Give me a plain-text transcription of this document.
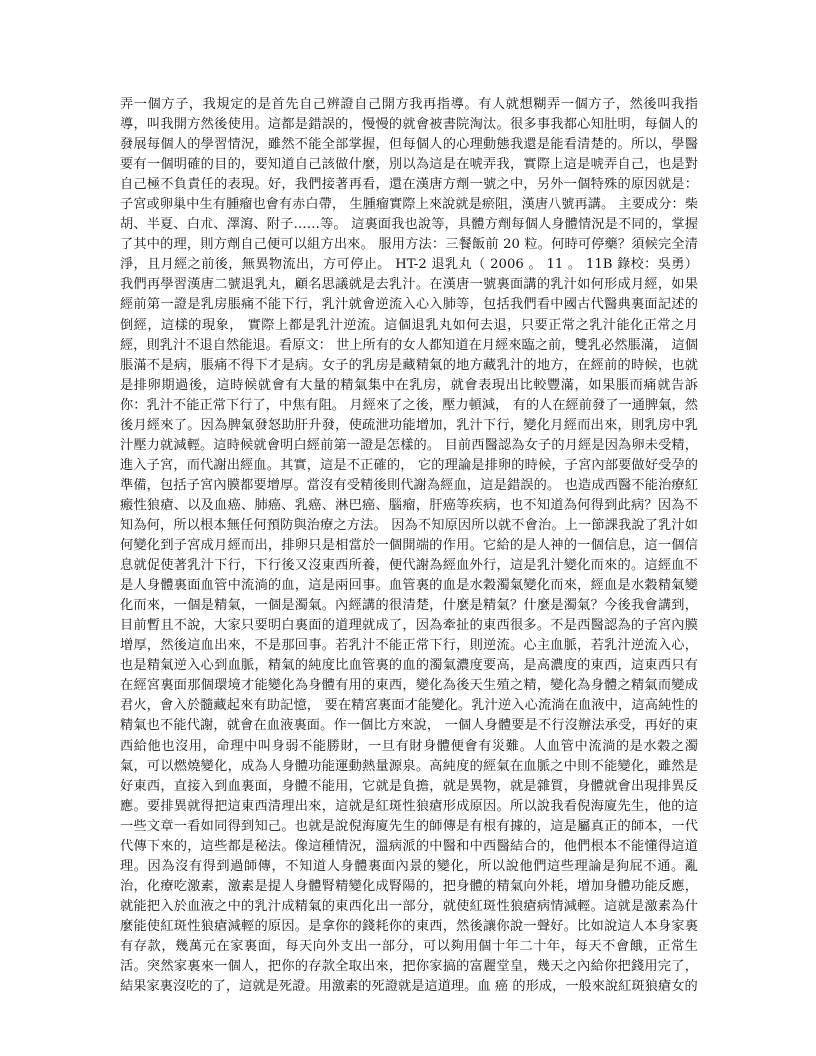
弄一個方子，我規定的是首先自己辨證自己開方我再指導。有人就想糊弄一個方子，然後叫我指導，叫我開方然後使用。這都是錯誤的，慢慢的就會被書院淘汰。很多事我都心知肚明，每個人的發展每個人的學習情況，雖然不能全部掌握，但每個人的心理動態我還是能看清楚的。所以，學醫要有一個明確的目的，要知道自己該做什麼，別以為這是在唬弄我，實際上這是唬弄自己，也是對自己極不負責任的表現。好，我們接著再看，還在漢唐方劑一號之中，另外一個特殊的原因就是： 子宮或卵巢中生有腫瘤也會有赤白帶， 生腫瘤實際上來說就是瘀阻，漢唐八號再講。 主要成分：柴胡、半夏、白朮、澤瀉、附子……等。 這裏面我也說等，具體方劑每個人身體情況是不同的，掌握了其中的理，則方劑自己便可以組方出來。 服用方法：三餐飯前 20 粒。何時可停藥？須候完全清淨，且月經之前後，無異物流出，方可停止。 HT-2 退乳丸（ 2006 。 11 。 11B 錄校：吳勇） 我們再學習漢唐二號退乳丸，顧名思議就是去乳汁。在漢唐一號裏面講的乳汁如何形成月經，如果經前第一證是乳房脹痛不能下行，乳汁就會逆流入心入肺等，包括我們看中國古代醫典裏面記述的倒經，這樣的現象， 實際上都是乳汁逆流。這個退乳丸如何去退，只要正常之乳汁能化正常之月經，則乳汁不退自然能退。看原文： 世上所有的女人都知道在月經來臨之前，雙乳必然脹滿， 這個脹滿不是病，脹痛不得下才是病。女子的乳房是藏精氣的地方藏乳汁的地方，在經前的時候，也就是排卵期過後，這時候就會有大量的精氣集中在乳房，就會表現出比較豐滿，如果脹而痛就告訴你：乳汁不能正常下行了，中焦有阻。 月經來了之後，壓力頓減， 有的人在經前發了一通脾氣，然後月經來了。因為脾氣發怒助肝升發，使疏泄功能增加，乳汁下行，變化月經而出來，則乳房中乳汁壓力就減輕。這時候就會明白經前第一證是怎樣的。 目前西醫認為女子的月經是因為卵未受精，進入子宮，而代謝出經血。其實，這是不正確的， 它的理論是排卵的時候，子宮內部要做好受孕的準備，包括子宮內膜都要增厚。當沒有受精後則代謝為經血，這是錯誤的。 也造成西醫不能治療紅瘢性狼瘡、以及血癌、肺癌、乳癌、淋巴癌、腦瘤，肝癌等疾病，也不知道為何得到此病？因為不知為何，所以根本無任何預防與治療之方法。 因為不知原因所以就不會治。上一節課我說了乳汁如何變化到子宮成月經而出，排卵只是相當於一個開端的作用。它給的是人神的一個信息，這一個信息就促使著乳汁下行，下行後又沒東西所養，便代謝為經血外行，這是乳汁變化而來的。這經血不是人身體裏面血管中流淌的血，這是兩回事。血管裏的血是水穀濁氣變化而來，經血是水穀精氣變化而來，一個是精氣，一個是濁氣。內經講的很清楚，什麼是精氣？什麼是濁氣？今後我會講到，目前暫且不說，大家只要明白裏面的道理就成了，因為牽扯的東西很多。不是西醫認為的子宮內膜增厚，然後這血出來，不是那回事。若乳汁不能正常下行，則逆流。心主血脈，若乳汁逆流入心，也是精氣逆入心到血脈，精氣的純度比血管裏的血的濁氣濃度要高，是高濃度的東西，這東西只有在經宮裏面那個環境才能變化為身體有用的東西，變化為後天生殖之精，變化為身體之精氣而變成君火，會入於髓藏起來有助記憶， 要在精宮裏面才能變化。乳汁逆入心流淌在血液中，這高純性的精氣也不能代謝，就會在血液裏面。作一個比方來說， 一個人身體要是不行沒辦法承受，再好的東西給他也沒用，命理中叫身弱不能勝財，一旦有財身體便會有災難。人血管中流淌的是水穀之濁氣，可以燃燒變化，成為人身體功能運動熱量源泉。高純度的經氣在血脈之中則不能變化，雖然是好東西，直接入到血裏面，身體不能用，它就是負擔，就是異物，就是雜質，身體就會出現排異反應。要排異就得把這東西清理出來，這就是紅斑性狼瘡形成原因。所以說我看倪海廈先生，他的這一些文章一看如同得到知己。也就是說倪海廈先生的師傳是有根有據的，這是屬真正的師本，一代代傳下來的，這些都是秘法。像這種情況，溫病派的中醫和中西醫結合的，他們根本不能懂得這道理。因為沒有得到過師傳，不知道人身體裏面內景的變化，所以說他們這些理論是狗屁不通。亂治，化療吃激素，激素是提人身體腎精變化成腎陽的，把身體的精氣向外耗，增加身體功能反應，就能把入於血液之中的乳汁成精氣的東西化出一部分，就使紅斑性狼瘡病情減輕。這就是激素為什麼能使紅斑性狼瘡減輕的原因。是拿你的錢耗你的東西，然後讓你說一聲好。比如說這人本身家裏有存款，幾萬元在家裏面，每天向外支出一部分，可以夠用個十年二十年，每天不會餓，正常生活。突然家裏來一個人，把你的存款全取出來，把你家搞的富麗堂皇，幾天之內給你把錢用完了，結果家裏沒吃的了，這就是死證。用激素的死證就是這道理。血 癌 的形成，一般來說紅斑狼瘡女的
